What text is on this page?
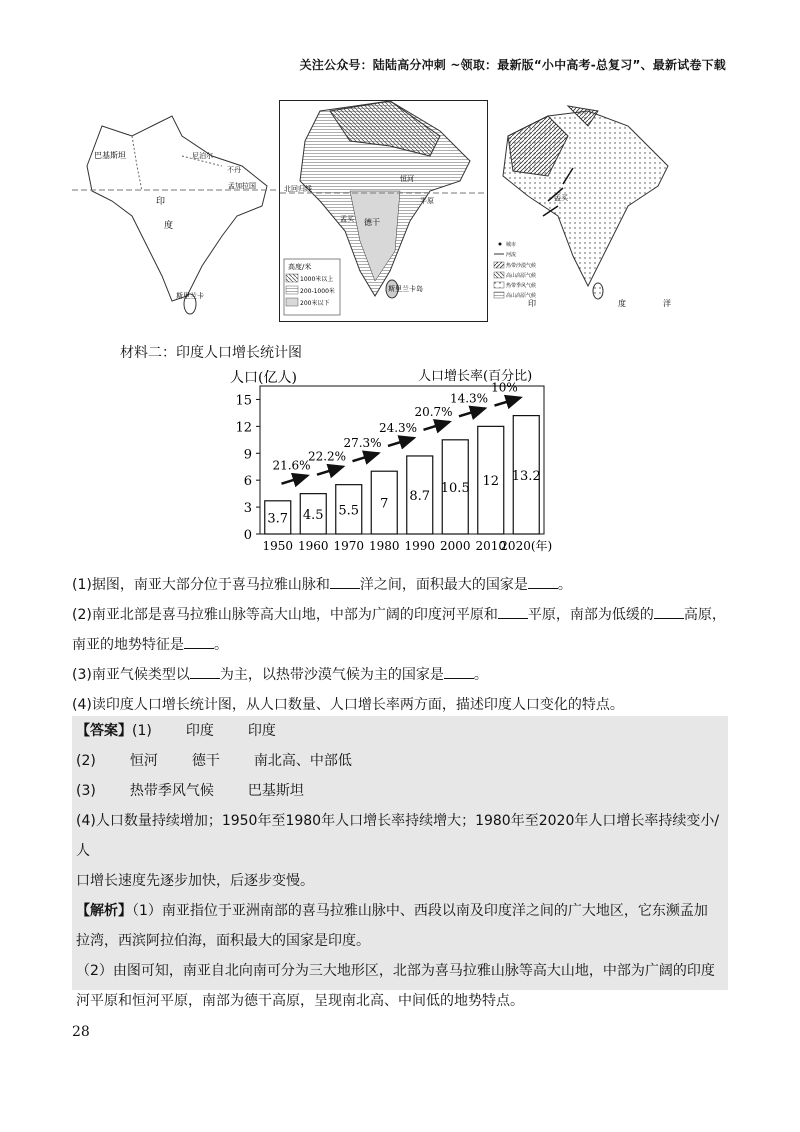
关注公众号：陆陆高分冲刺 ~领取：最新版“小中高考-总复习”、最新试卷下载
巴基斯坦	尼泊尔
不丹
孟加拉国
印
度
斯里兰卡
北回归线
德干
孟买
斯里兰卡岛
恒河
平原
高度/米
1000米以上
200-1000米
200米以下
孟买
印	度	洋
城市
河流
热带沙漠气候
高山高原气候
热带季风气候
高山高原气候
材料二：印度人口增长统计图
人口(亿人)	人口增长率(百分比)
0
3
6
9
12
15
3.7
1950
4.5
1960
5.5
1970
7
1980
8.7
1990
10.5
2000
12
2010
13.2
2020(年)
21.6%
22.2%
27.3%
24.3%
20.7%
14.3%
10%

(1)据图，南亚大部分位于喜马拉雅山脉和 洋之间，面积最大的国家是 。

(2)南亚北部是喜马拉雅山脉等高大山地，中部为广阔的印度河平原和 平原，南部为低缓的 高原，

南亚的地势特征是 。

(3)南亚气候类型以 为主，以热带沙漠气候为主的国家是 。

(4)读印度人口增长统计图，从人口数量、人口增长率两方面，描述印度人口变化的特点。

【答案】(1) 印度 印度

(2) 恒河 德干 南北高、中部低

(3) 热带季风气候 巴基斯坦

(4)人口数量持续增加；1950年至1980年人口增长率持续增大；1980年至2020年人口增长率持续变小/人

口增长速度先逐步加快，后逐步变慢。

【解析】（1）南亚指位于亚洲南部的喜马拉雅山脉中、西段以南及印度洋之间的广大地区，它东濒孟加

拉湾，西滨阿拉伯海，面积最大的国家是印度。

（2）由图可知，南亚自北向南可分为三大地形区，北部为喜马拉雅山脉等高大山地，中部为广阔的印度

河平原和恒河平原，南部为德干高原，呈现南北高、中间低的地势特点。

28
